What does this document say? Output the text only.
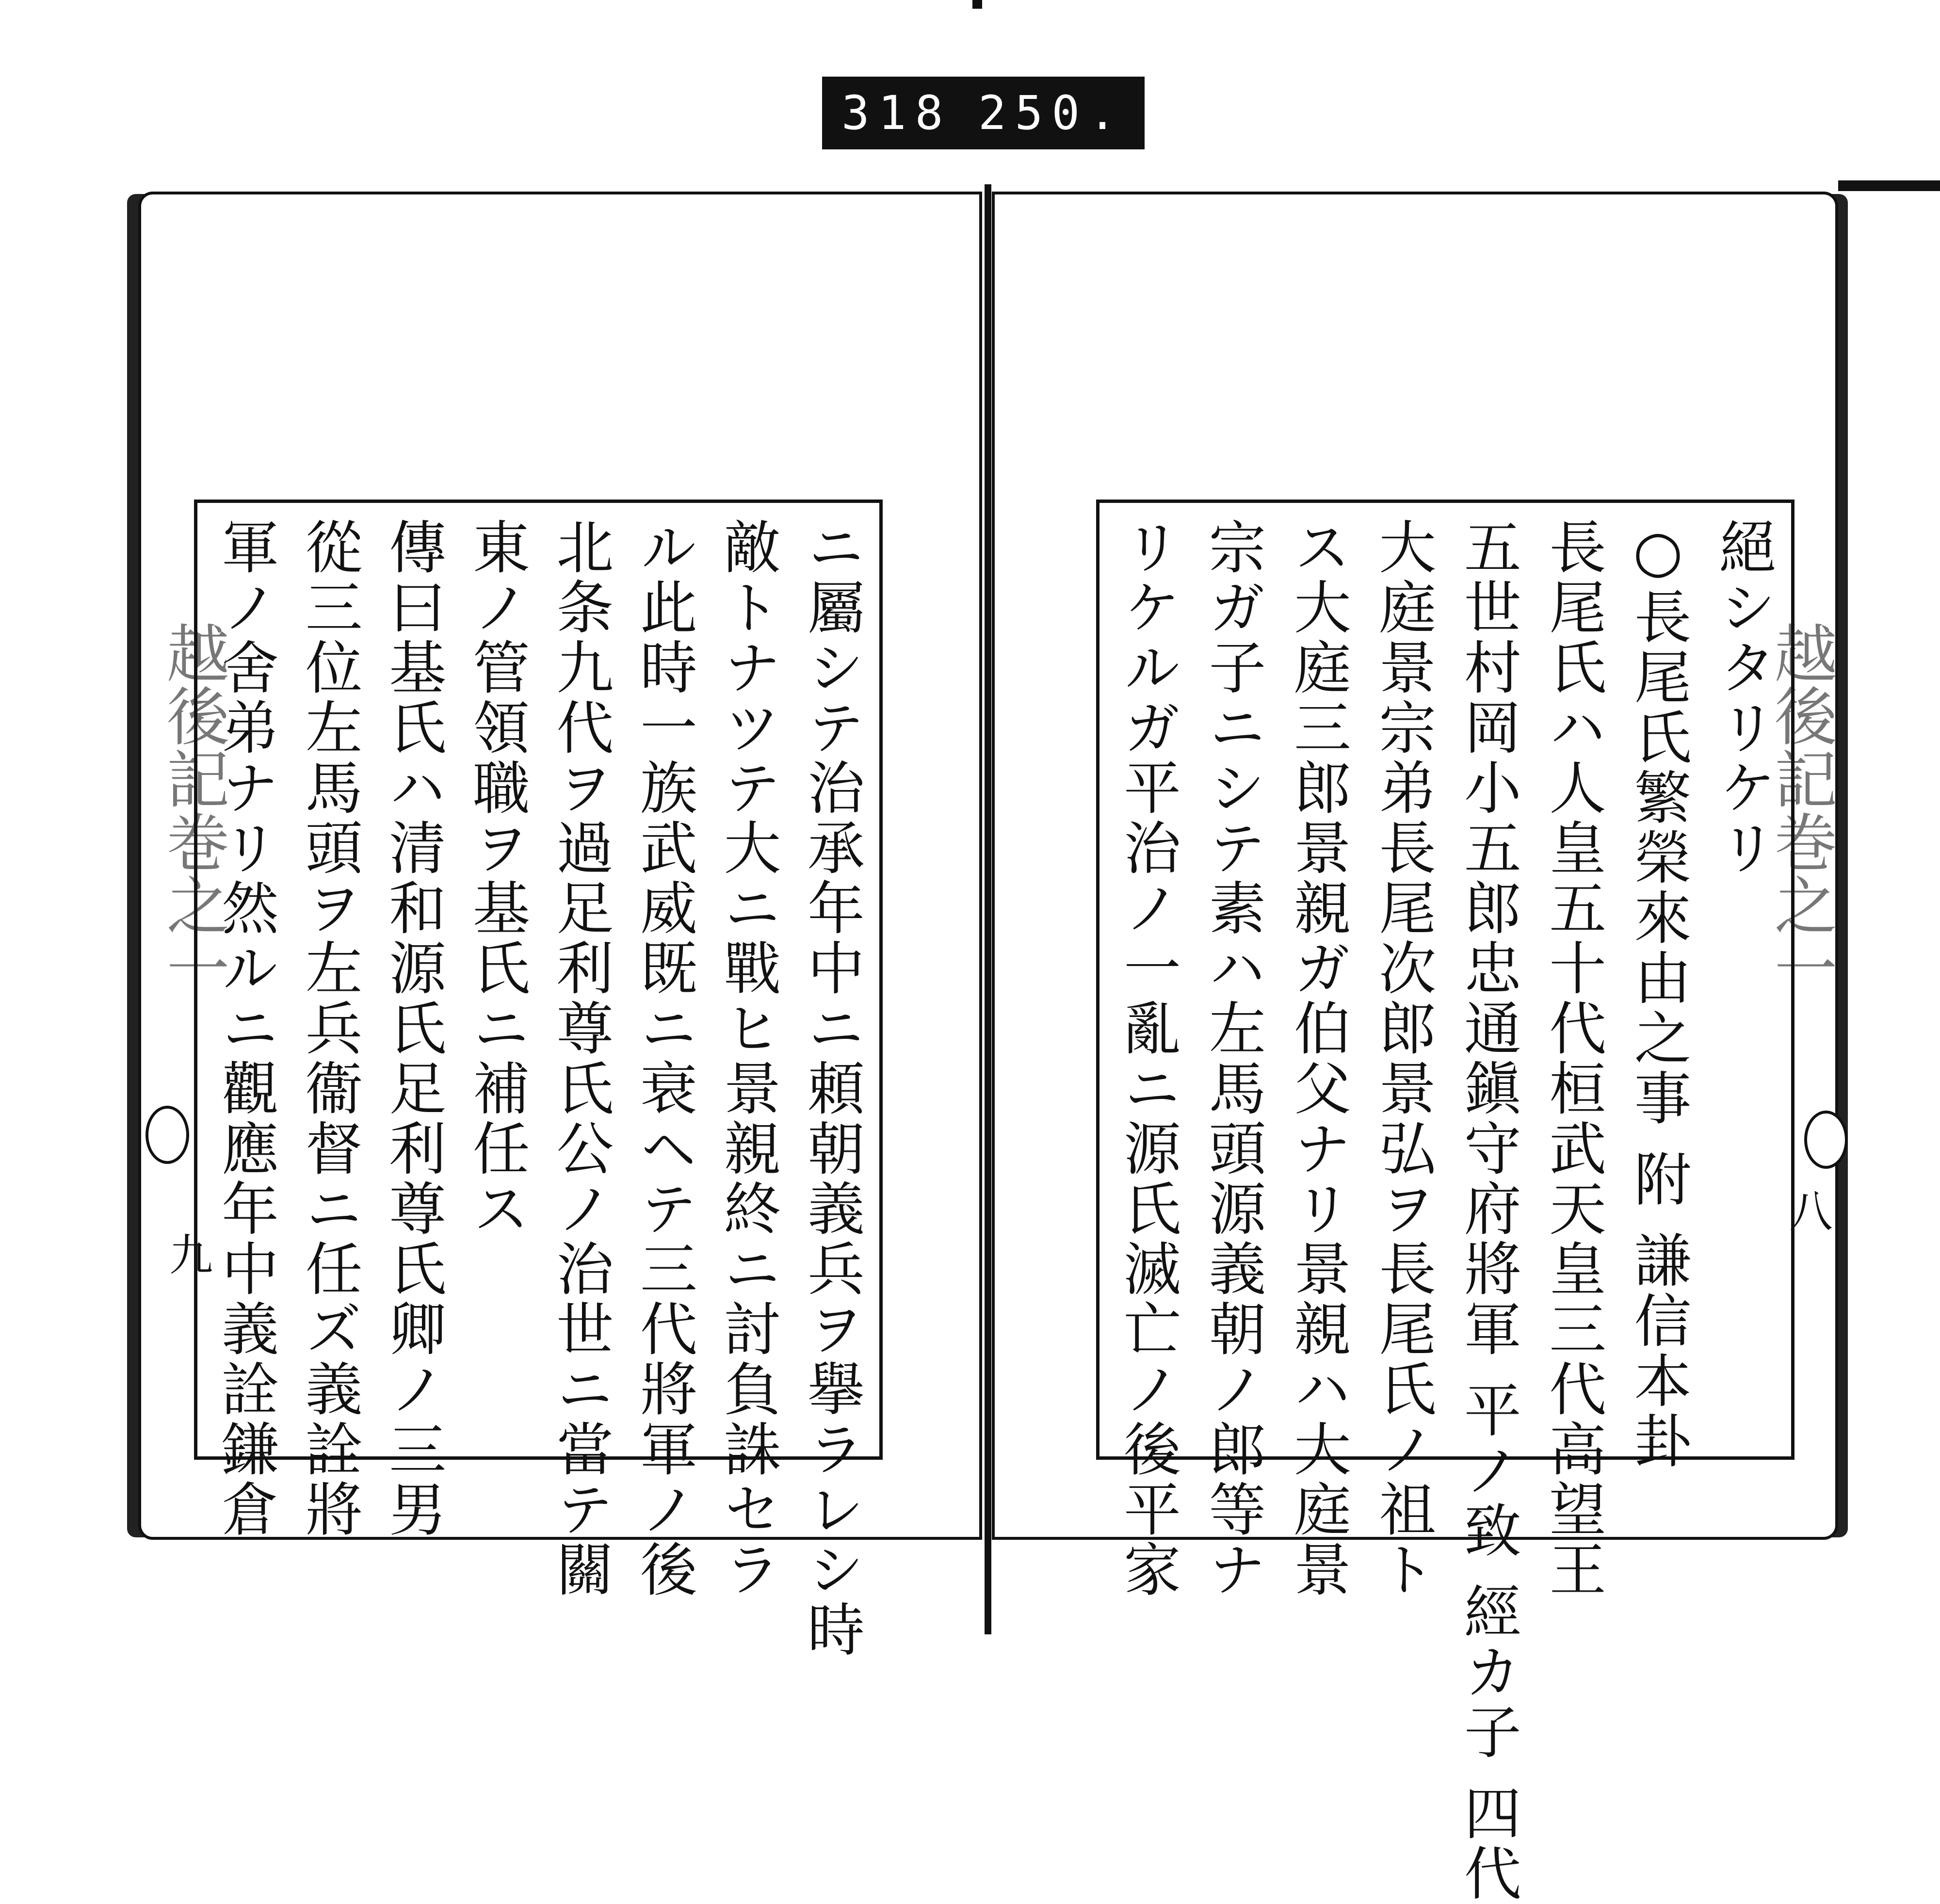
318 250.
越後記巻之一
九
越後記巻之一
八
ニ屬シテ治承年中ニ頼朝義兵ヲ擧ラレシ時
敵トナツテ大ニ戰ヒ景親終ニ討負誅セラ
ル此時一族武威既ニ衰ヘテ三代將軍ノ後
北条九代ヲ過足利尊氏公ノ治世ニ當テ關
東ノ管領職ヲ基氏ニ補任ス
傳曰基氏ハ清和源氏足利尊氏卿ノ三男
從三位左馬頭ヲ左兵衞督ニ任ズ義詮將
軍ノ舍弟ナリ然ルニ觀應年中義詮鎌倉	絕シタリケリ
○長尾氏繁榮來由之事 附 謙信本卦
長尾氏ハ人皇五十代桓武天皇三代高望王
五世村岡小五郎忠通鎭守府將軍 平ノ致 經カ子 四代
大庭景宗弟長尾次郎景弘ヲ長尾氏ノ祖ト
ス大庭三郎景親ガ伯父ナリ景親ハ大庭景
宗ガ子ニシテ素ハ左馬頭源義朝ノ郎等ナ
リケルガ平治ノ一亂ニ源氏滅亡ノ後平家
